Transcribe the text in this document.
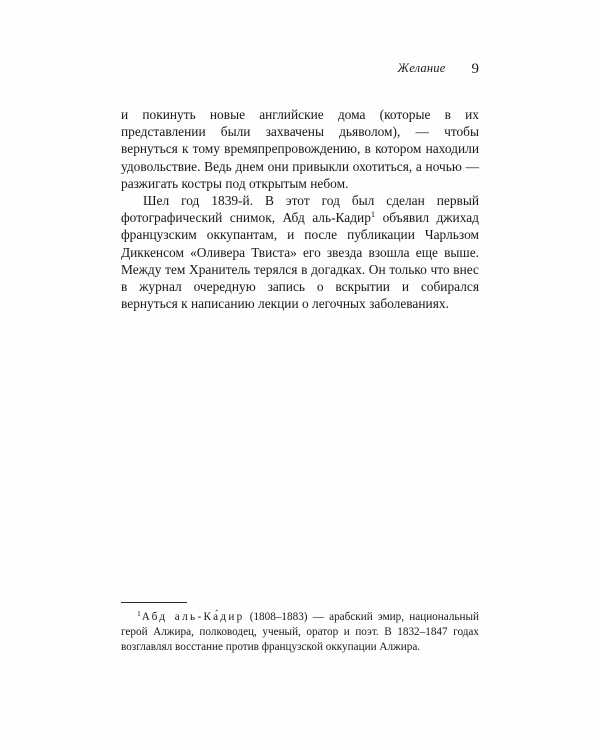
Желание 9

и покинуть новые английские дома (которые в их представлении были захвачены дьяволом), — чтобы вернуться к тому времяпрепровождению, в котором находили удовольствие. Ведь днем они привыкли охотиться, а ночью — разжигать костры под открытым небом.

Шел год 1839-й. В этот год был сделан первый фотографический снимок, Абд аль-Кадир$^1$ объявил джихад французским оккупантам, и после публикации Чарльзом Диккенсом «Оливера Твиста» его звезда взошла еще выше. Между тем Хранитель терялся в догадках. Он только что внес в журнал очередную запись о вскрытии и собирался вернуться к написанию лекции о легочных заболеваниях.

$^1$Абд аль-Ка́дир (1808–1883) — арабский эмир, национальный герой Алжира, полководец, ученый, оратор и поэт. В 1832–1847 годах возглавлял восстание против французской оккупации Алжира.
